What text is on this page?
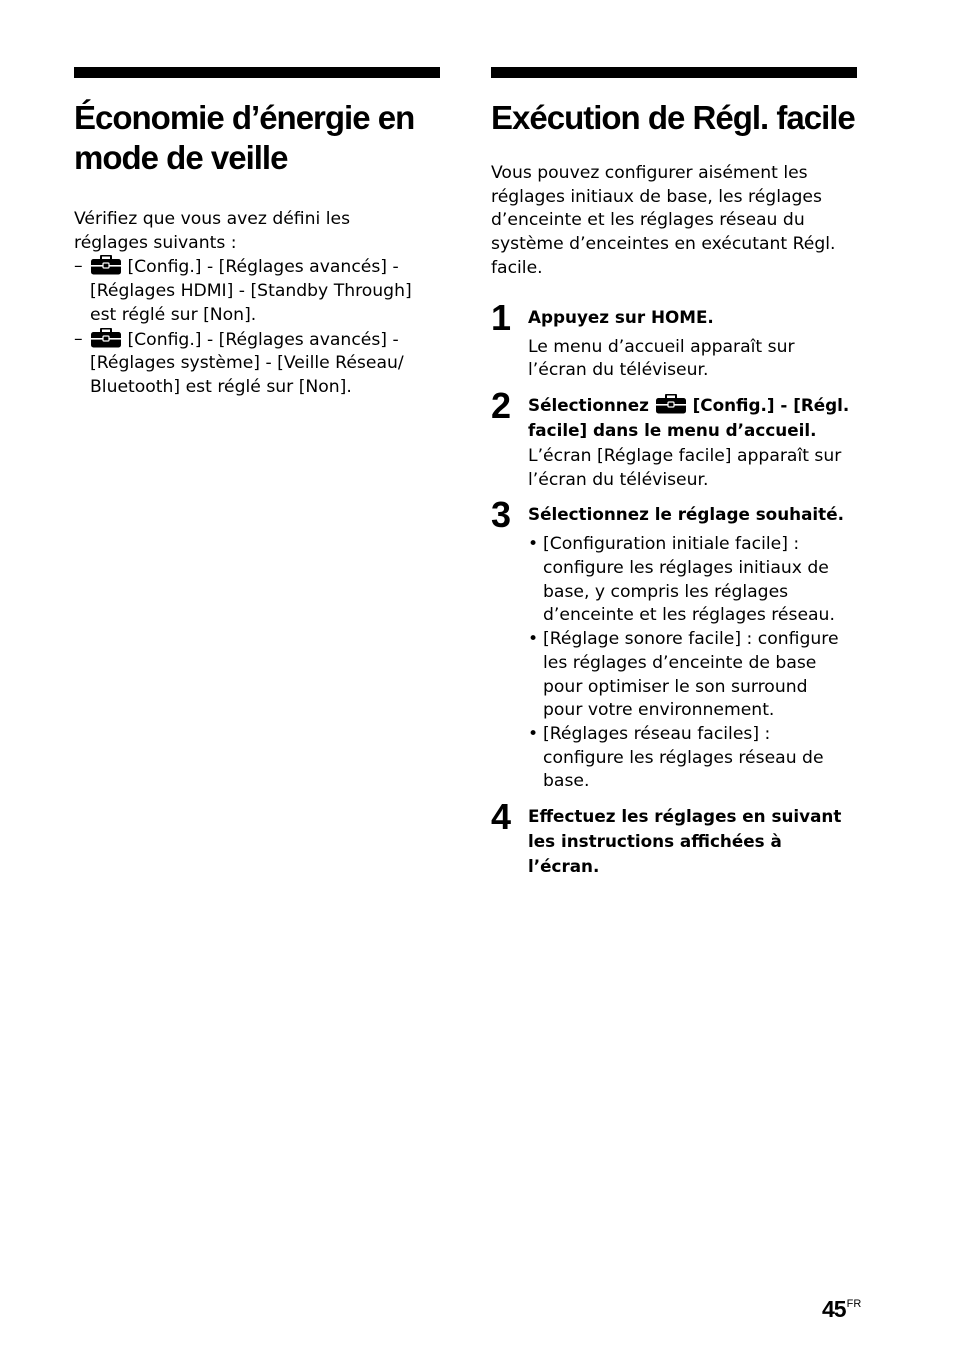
Économie d’énergie en
mode de veille
Vérifiez que vous avez défini les
réglages suivants :
–	[Config.] - [Réglages avancés] -
[Réglages HDMI] - [Standby Through]
est réglé sur [Non].
–	[Config.] - [Réglages avancés] -
[Réglages système] - [Veille Réseau/
Bluetooth] est réglé sur [Non].
Exécution de Régl. facile
Vous pouvez configurer aisément les
réglages initiaux de base, les réglages
d’enceinte et les réglages réseau du
système d’enceintes en exécutant Régl.
facile.
1 Appuyez sur HOME.
Le menu d’accueil apparaît sur
l’écran du téléviseur.
2 Sélectionnez	[Config.] - [Régl.
facile] dans le menu d’accueil.
L’écran [Réglage facile] apparaît sur
l’écran du téléviseur.
3 Sélectionnez le réglage souhaité.
• [Configuration initiale facile] :
configure les réglages initiaux de
base, y compris les réglages
d’enceinte et les réglages réseau.
• [Réglage sonore facile] : configure
les réglages d’enceinte de base
pour optimiser le son surround
pour votre environnement.
• [Réglages réseau faciles] :
configure les réglages réseau de
base.
4 Effectuez les réglages en suivant
les instructions affichées à l’écran.
$45^{FR}$
